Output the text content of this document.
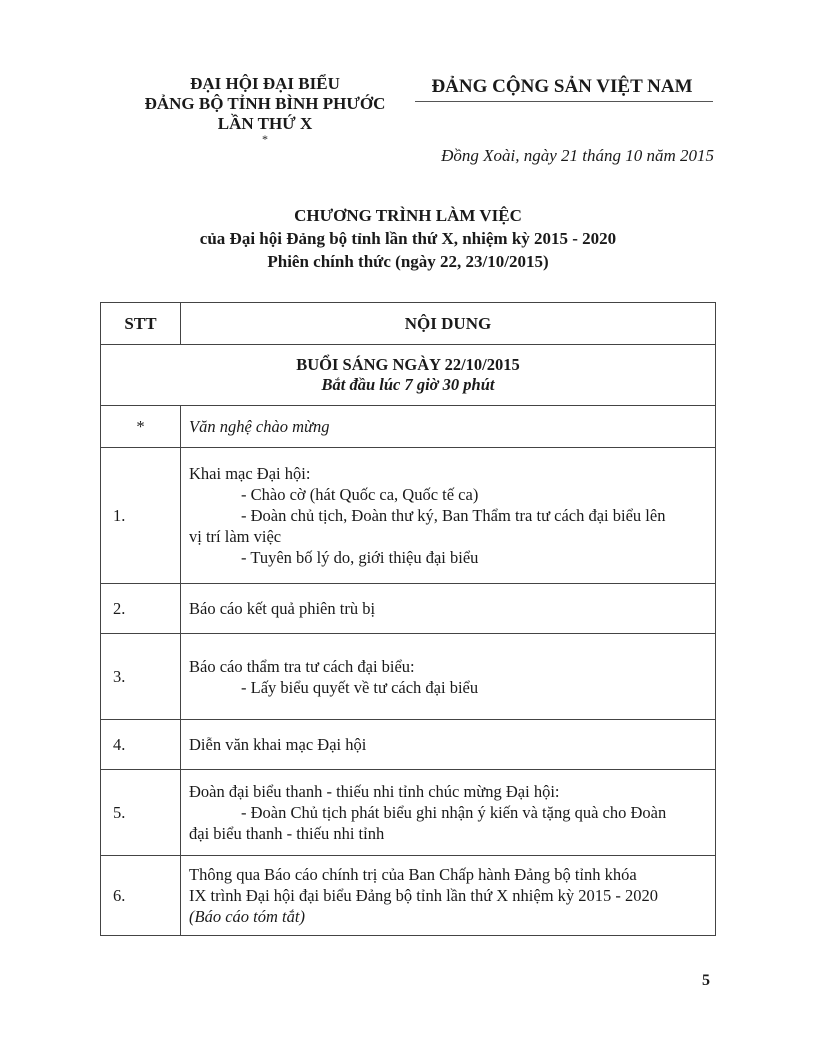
ĐẠI HỘI ĐẠI BIỂU
ĐẢNG BỘ TỈNH BÌNH PHƯỚC
LẦN THỨ X
*
ĐẢNG CỘNG SẢN VIỆT NAM
Đồng Xoài, ngày 21 tháng 10 năm 2015
CHƯƠNG TRÌNH LÀM VIỆC
của Đại hội Đảng bộ tỉnh lần thứ X, nhiệm kỳ 2015 - 2020
Phiên chính thức (ngày 22, 23/10/2015)
STT	NỘI DUNG

BUỔI SÁNG NGÀY 22/10/2015
Bắt đầu lúc 7 giờ 30 phút	

*	Văn nghệ chào mừng
1.	Khai mạc Đại hội:
- Chào cờ (hát Quốc ca, Quốc tế ca)
- Đoàn chủ tịch, Đoàn thư ký, Ban Thẩm tra tư cách đại biểu lên
vị trí làm việc
- Tuyên bố lý do, giới thiệu đại biểu

2.	Báo cáo kết quả phiên trù bị
3.	Báo cáo thẩm tra tư cách đại biểu:
- Lấy biểu quyết về tư cách đại biểu

4.	Diễn văn khai mạc Đại hội
5.	Đoàn đại biểu thanh - thiếu nhi tỉnh chúc mừng Đại hội:
- Đoàn Chủ tịch phát biểu ghi nhận ý kiến và tặng quà cho Đoàn
đại biểu thanh - thiếu nhi tỉnh

6.	Thông qua Báo cáo chính trị của Ban Chấp hành Đảng bộ tỉnh khóa
IX trình Đại hội đại biểu Đảng bộ tỉnh lần thứ X nhiệm kỳ 2015 - 2020
(Báo cáo tóm tắt)
5
